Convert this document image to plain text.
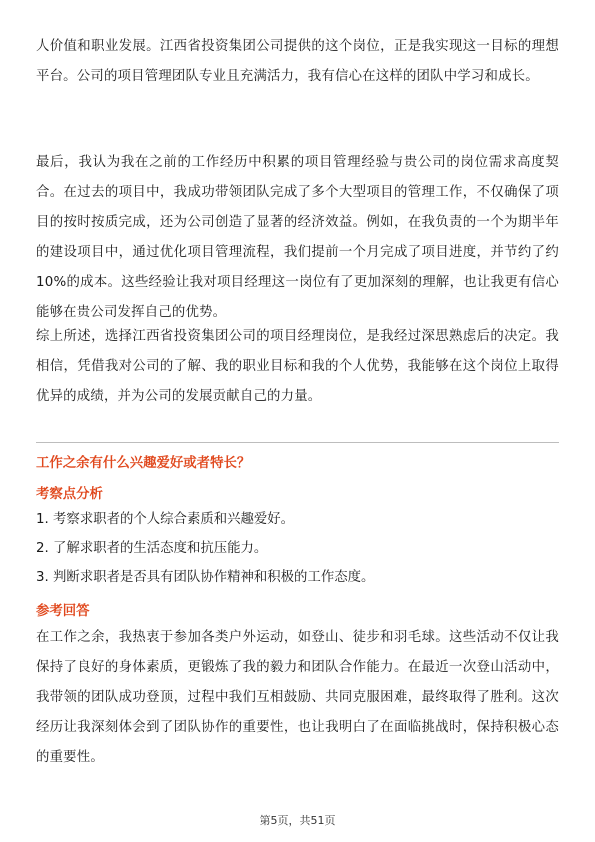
人价值和职业发展。江西省投资集团公司提供的这个岗位，正是我实现这一目标的理想平台。公司的项目管理团队专业且充满活力，我有信心在这样的团队中学习和成长。

最后，我认为我在之前的工作经历中积累的项目管理经验与贵公司的岗位需求高度契合。在过去的项目中，我成功带领团队完成了多个大型项目的管理工作，不仅确保了项目的按时按质完成，还为公司创造了显著的经济效益。例如，在我负责的一个为期半年的建设项目中，通过优化项目管理流程，我们提前一个月完成了项目进度，并节约了约10%的成本。这些经验让我对项目经理这一岗位有了更加深刻的理解，也让我更有信心能够在贵公司发挥自己的优势。

综上所述，选择江西省投资集团公司的项目经理岗位，是我经过深思熟虑后的决定。我相信，凭借我对公司的了解、我的职业目标和我的个人优势，我能够在这个岗位上取得优异的成绩，并为公司的发展贡献自己的力量。

工作之余有什么兴趣爱好或者特长？

考察点分析

1. 考察求职者的个人综合素质和兴趣爱好。

2. 了解求职者的生活态度和抗压能力。

3. 判断求职者是否具有团队协作精神和积极的工作态度。

参考回答

在工作之余，我热衷于参加各类户外运动，如登山、徒步和羽毛球。这些活动不仅让我保持了良好的身体素质，更锻炼了我的毅力和团队合作能力。在最近一次登山活动中，我带领的团队成功登顶，过程中我们互相鼓励、共同克服困难，最终取得了胜利。这次经历让我深刻体会到了团队协作的重要性，也让我明白了在面临挑战时，保持积极心态的重要性。

第5页，共51页
